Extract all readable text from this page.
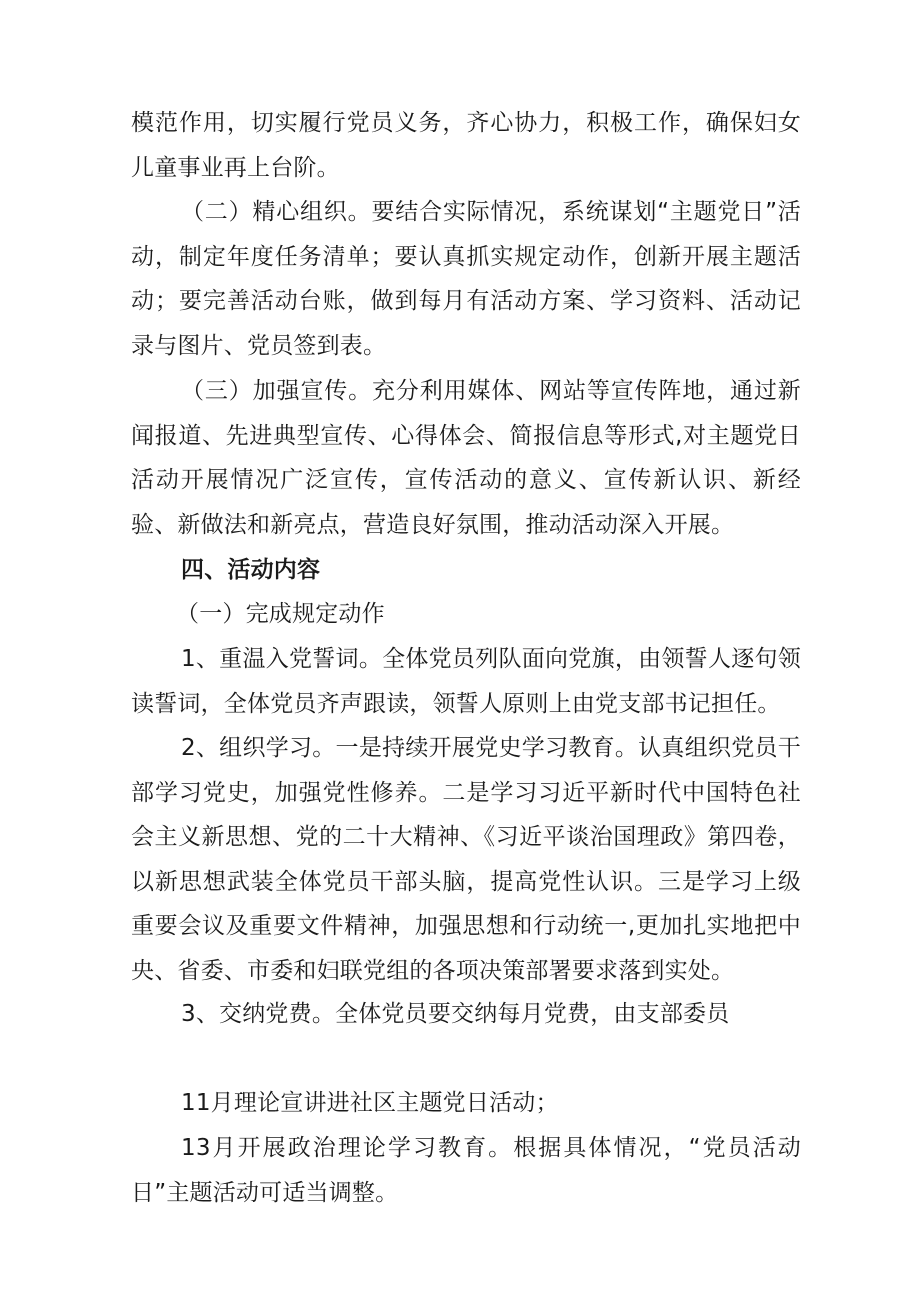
模范作用，切实履行党员义务，齐心协力，积极工作，确保妇女儿童事业再上台阶。

（二）精心组织。要结合实际情况，系统谋划“主题党日”活动，制定年度任务清单；要认真抓实规定动作，创新开展主题活动；要完善活动台账，做到每月有活动方案、学习资料、活动记录与图片、党员签到表。

（三）加强宣传。充分利用媒体、网站等宣传阵地，通过新闻报道、先进典型宣传、心得体会、简报信息等形式,对主题党日活动开展情况广泛宣传，宣传活动的意义、宣传新认识、新经验、新做法和新亮点，营造良好氛围，推动活动深入开展。

四、活动内容

（一）完成规定动作

1、重温入党誓词。全体党员列队面向党旗，由领誓人逐句领读誓词，全体党员齐声跟读，领誓人原则上由党支部书记担任。

2、组织学习。一是持续开展党史学习教育。认真组织党员干部学习党史，加强党性修养。二是学习习近平新时代中国特色社会主义新思想、党的二十大精神、《习近平谈治国理政》第四卷，以新思想武装全体党员干部头脑，提高党性认识。三是学习上级重要会议及重要文件精神，加强思想和行动统一,更加扎实地把中央、省委、市委和妇联党组的各项决策部署要求落到实处。

3、交纳党费。全体党员要交纳每月党费，由支部委员

11月理论宣讲进社区主题党日活动；

13月开展政治理论学习教育。根据具体情况，“党员活动日”主题活动可适当调整。
